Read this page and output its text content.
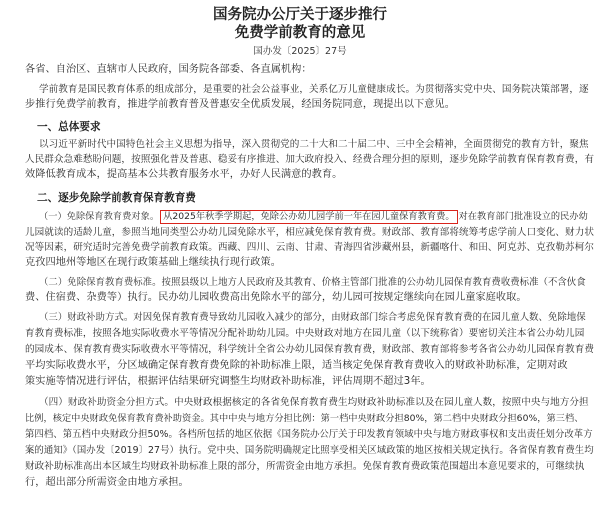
国务院办公厅关于逐步推行
免费学前教育的意见
国办发〔2025〕27号
各省、自治区、直辖市人民政府，国务院各部委、各直属机构：
学前教育是国民教育体系的组成部分，是重要的社会公益事业，关系亿万儿童健康成长。为贯彻落实党中央、国务院决策部署，逐
步推行免费学前教育，推进学前教育普及普惠安全优质发展，经国务院同意，现提出以下意见。
一、总体要求
以习近平新时代中国特色社会主义思想为指导，深入贯彻党的二十大和二十届二中、三中全会精神，全面贯彻党的教育方针，聚焦
人民群众急难愁盼问题，按照强化普及普惠、稳妥有序推进、加大政府投入、经费合理分担的原则，逐步免除学前教育保育教育费，有
效降低教育成本，提高基本公共教育服务水平，办好人民满意的教育。
二、逐步免除学前教育保育教育费
（一）免除保育教育费对象。 从2025年秋季学期起，免除公办幼儿园学前一年在园儿童保育教育费。 对在教育部门批准设立的民办幼
儿园就读的适龄儿童，参照当地同类型公办幼儿园免除水平，相应减免保育教育费。财政部、教育部将统筹考虑学前人口变化、财力状
况等因素，研究适时完善免费学前教育政策。西藏、四川、云南、甘肃、青海四省涉藏州县，新疆喀什、和田、阿克苏、克孜勒苏柯尔
克孜四地州等地区在现行政策基础上继续执行现行政策。
（二）免除保育教育费标准。按照县级以上地方人民政府及其教育、价格主管部门批准的公办幼儿园保育教育费收费标准（不含伙食
费、住宿费、杂费等）执行。民办幼儿园收费高出免除水平的部分，幼儿园可按规定继续向在园儿童家庭收取。
（三）财政补助方式。对因免保育教育费导致幼儿园收入减少的部分，由财政部门综合考虑免保育教育费的在园儿童人数、免除地保
育教育费标准，按照各地实际收费水平等情况分配补助幼儿园。中央财政对地方在园儿童（以下统称省）要密切关注本省公办幼儿园
的园成本、保育教育费实际收费水平等情况，科学统计全省公办幼儿园保育教育费，财政部、教育部将参考各省公办幼儿园保育教育费
平均实际收费水平，分区域确定保育教育费免除的补助标准上限，适当核定免保育教育费收入的财政补助标准，定期对政
策实施等情况进行评估，根据评估结果研究调整生均财政补助标准，评估周期不超过3年。
（四）财政补助资金分担方式。中央财政根据核定的各省免保育教育费生均财政补助标准以及在园儿童人数，按照中央与地方分担
比例，核定中央财政免保育教育费补助资金。其中中央与地方分担比例：第一档中央财政分担80%，第二档中央财政分担60%，第三档、
第四档、第五档中央财政分担50%。各档所包括的地区依据《国务院办公厅关于印发教育领域中央与地方财政事权和支出责任划分改革方
案的通知》（国办发〔2019〕27号）执行。党中央、国务院明确规定比照享受相关区域政策的地区按相关规定执行。各省保育教育费生均
财政补助标准高出本区域生均财政补助标准上限的部分，所需资金由地方承担。免保育教育费政策范围超出本意见要求的，可继续执
行，超出部分所需资金由地方承担。
